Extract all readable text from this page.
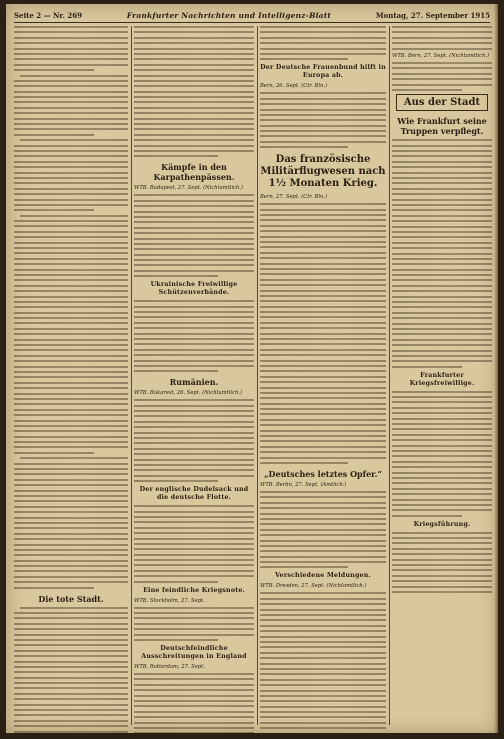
Seite 2 — Nr. 269	Frankfurter Nachrichten und Intelligenz-Blatt	Montag, 27. September 1915
Die tote Stadt.
Kämpfe in den Karpathenpässen.
WTB. Budapest, 27. Sept. (Nichtamtlich.)
Ukrainische Freiwillige Schützenverbände.
Rumänien.
WTB. Bukarest, 26. Sept. (Nichtamtlich.)
Der englische Dudelsack und die deutsche Flotte.
Eine feindliche Kriegsnote.
WTB. Stockholm, 27. Sept.
Deutschfeindliche Ausschreitungen in England
WTB. Rotterdam, 27. Sept.
Der Deutsche Frauenbund hilft in Europa ab.
Bern, 26. Sept. (Ctr. Bln.)
Das französische Militärflugwesen nach 1½ Monaten Krieg.
Bern, 27. Sept. (Ctr. Bln.)
„Deutsches letztes Opfer.“
WTB. Berlin, 27. Sept. (Amtlich.)
Verschiedene Meldungen.
WTB. Dresden, 27. Sept. (Nichtamtlich.)
WTB. Bern, 27. Sept. (Nichtamtlich.)
Aus der Stadt
Wie Frankfurt seine Truppen verpflegt.
Frankfurter Kriegsfreiwillige.
Kriegsführung.
